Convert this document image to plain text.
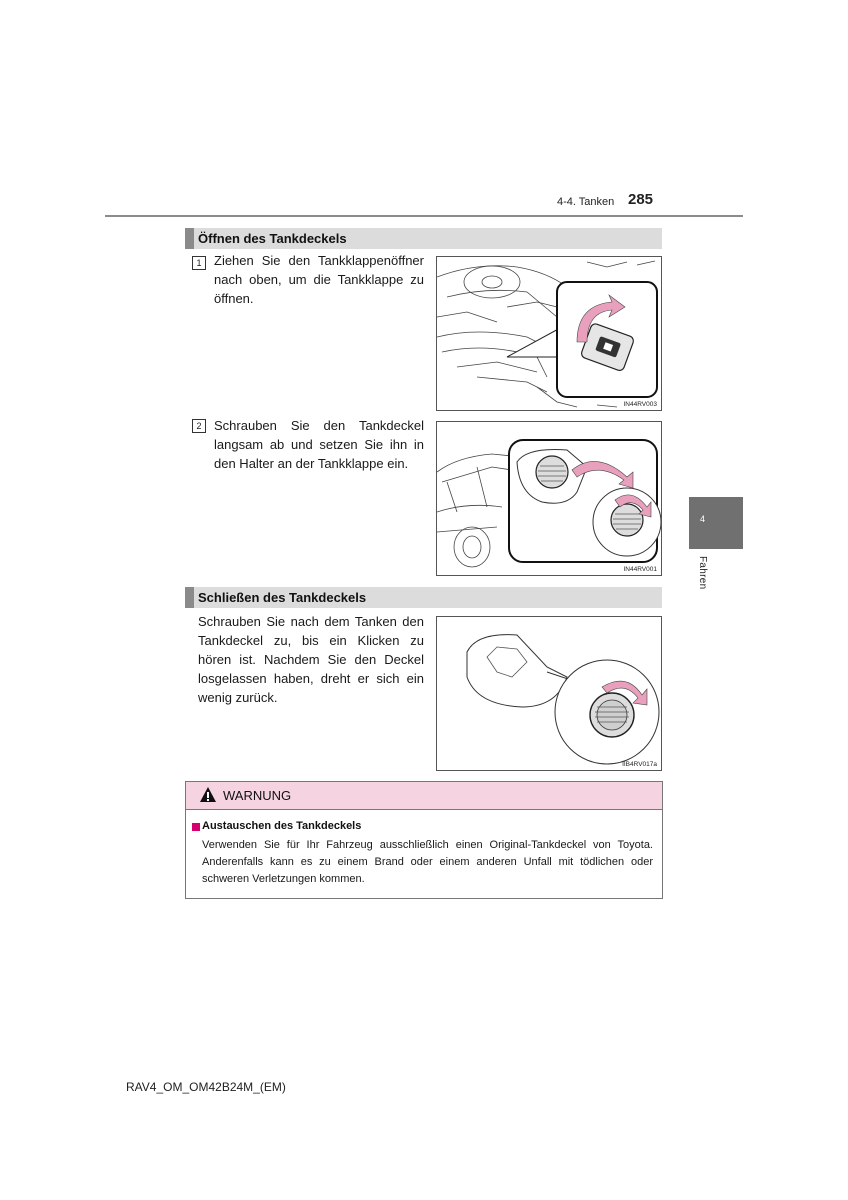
4-4. Tanken 285
4
Fahren
Öffnen des Tankdeckels
1 Ziehen Sie den Tankklappenöffner nach oben, um die Tankklappe zu öffnen.
IN44RV003
2 Schrauben Sie den Tankdeckel langsam ab und setzen Sie ihn in den Halter an der Tankklappe ein.
IN44RV001
Schließen des Tankdeckels
Schrauben Sie nach dem Tanken den Tankdeckel zu, bis ein Klicken zu hören ist. Nachdem Sie den Deckel losgelassen haben, dreht er sich ein wenig zurück.
IIB4RV017a
WARNUNG
Austauschen des Tankdeckels
Verwenden Sie für Ihr Fahrzeug ausschließlich einen Original-Tankdeckel von Toyota. Anderenfalls kann es zu einem Brand oder einem anderen Unfall mit tödlichen oder schweren Verletzungen kommen.
RAV4_OM_OM42B24M_(EM)
